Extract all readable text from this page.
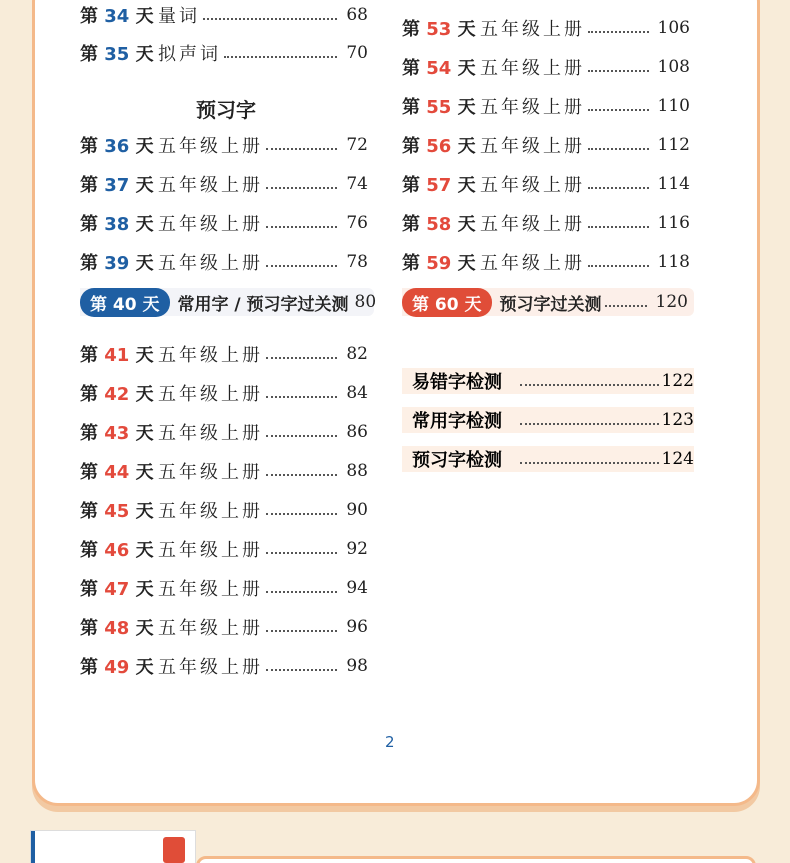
第 34 天 量词	68
第 35 天 拟声词	70
预习字
第 36 天 五年级上册	72
第 37 天 五年级上册	74
第 38 天 五年级上册	76
第 39 天 五年级上册	78
第 40 天	常用字 / 预习字过关测 80
第 41 天 五年级上册	82
第 42 天 五年级上册	84
第 43 天 五年级上册	86
第 44 天 五年级上册	88
第 45 天 五年级上册	90
第 46 天 五年级上册	92
第 47 天 五年级上册	94
第 48 天 五年级上册	96
第 49 天 五年级上册	98
第 53 天 五年级上册	106
第 54 天 五年级上册	108
第 55 天 五年级上册	110
第 56 天 五年级上册	112
第 57 天 五年级上册	114
第 58 天 五年级上册	116
第 59 天 五年级上册	118
第 60 天	预习字过关测	120
易错字检测	122
常用字检测	123
预习字检测	124
2
